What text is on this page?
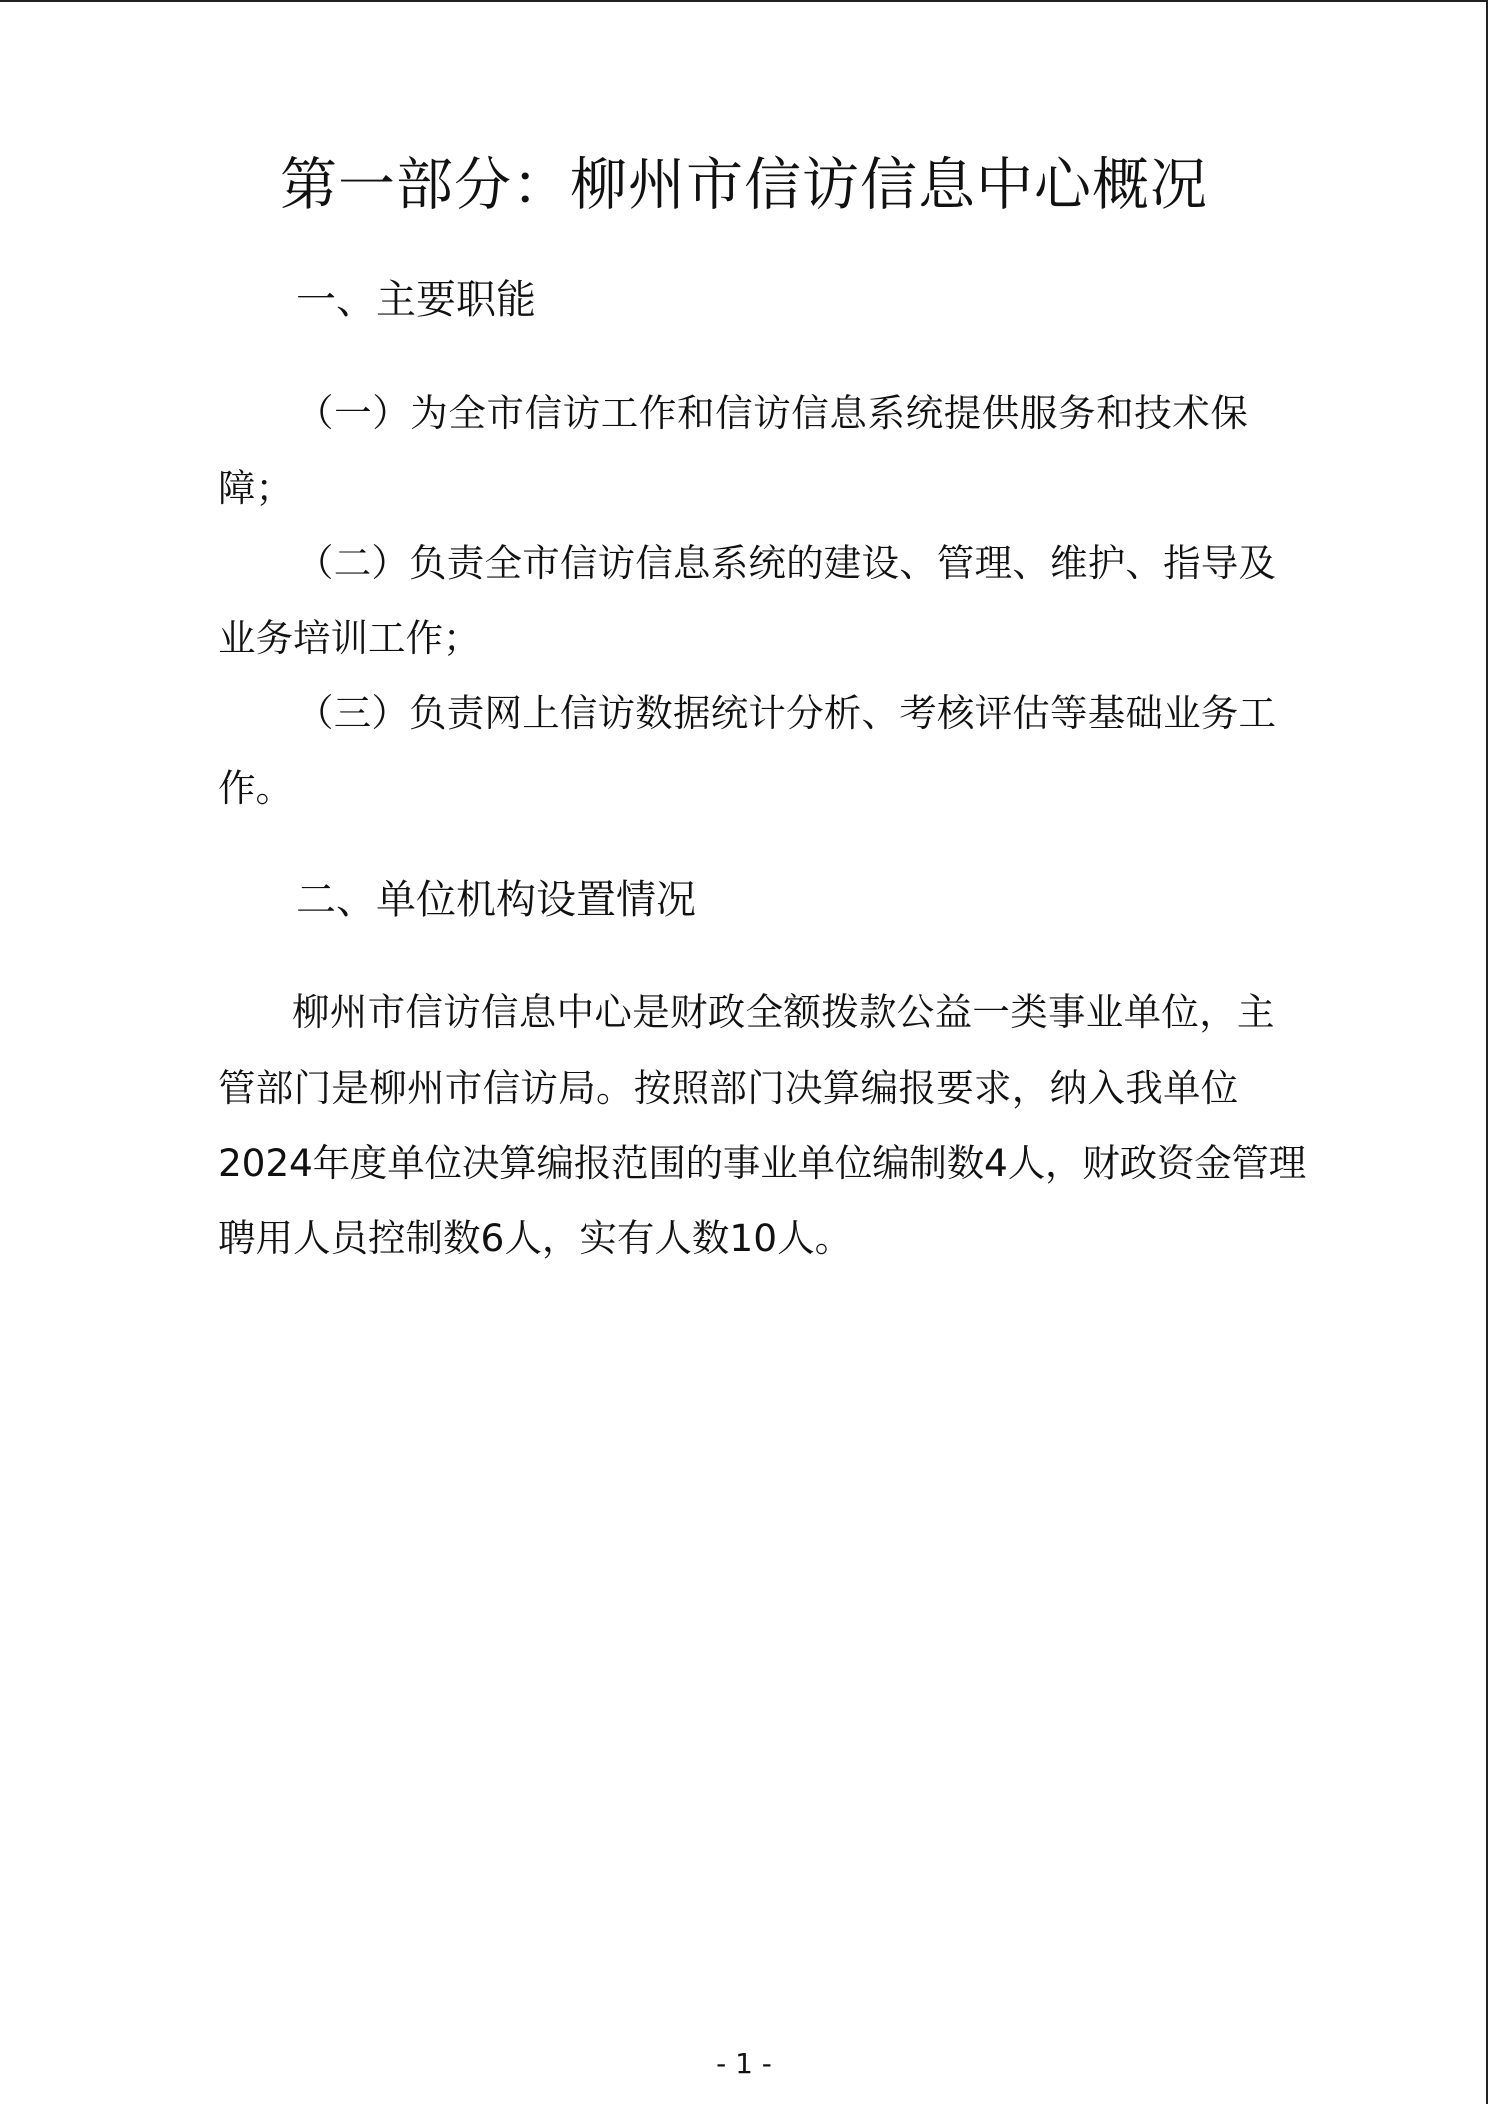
第一部分：柳州市信访信息中心概况
一、主要职能
（一）为全市信访工作和信访信息系统提供服务和技术保
障；
（二）负责全市信访信息系统的建设、管理、维护、指导及
业务培训工作；
（三）负责网上信访数据统计分析、考核评估等基础业务工
作。
二、单位机构设置情况
柳州市信访信息中心是财政全额拨款公益一类事业单位，主
管部门是柳州市信访局。按照部门决算编报要求，纳入我单位
2024年度单位决算编报范围的事业单位编制数4人，财政资金管理
聘用人员控制数6人，实有人数10人。
- 1 -
